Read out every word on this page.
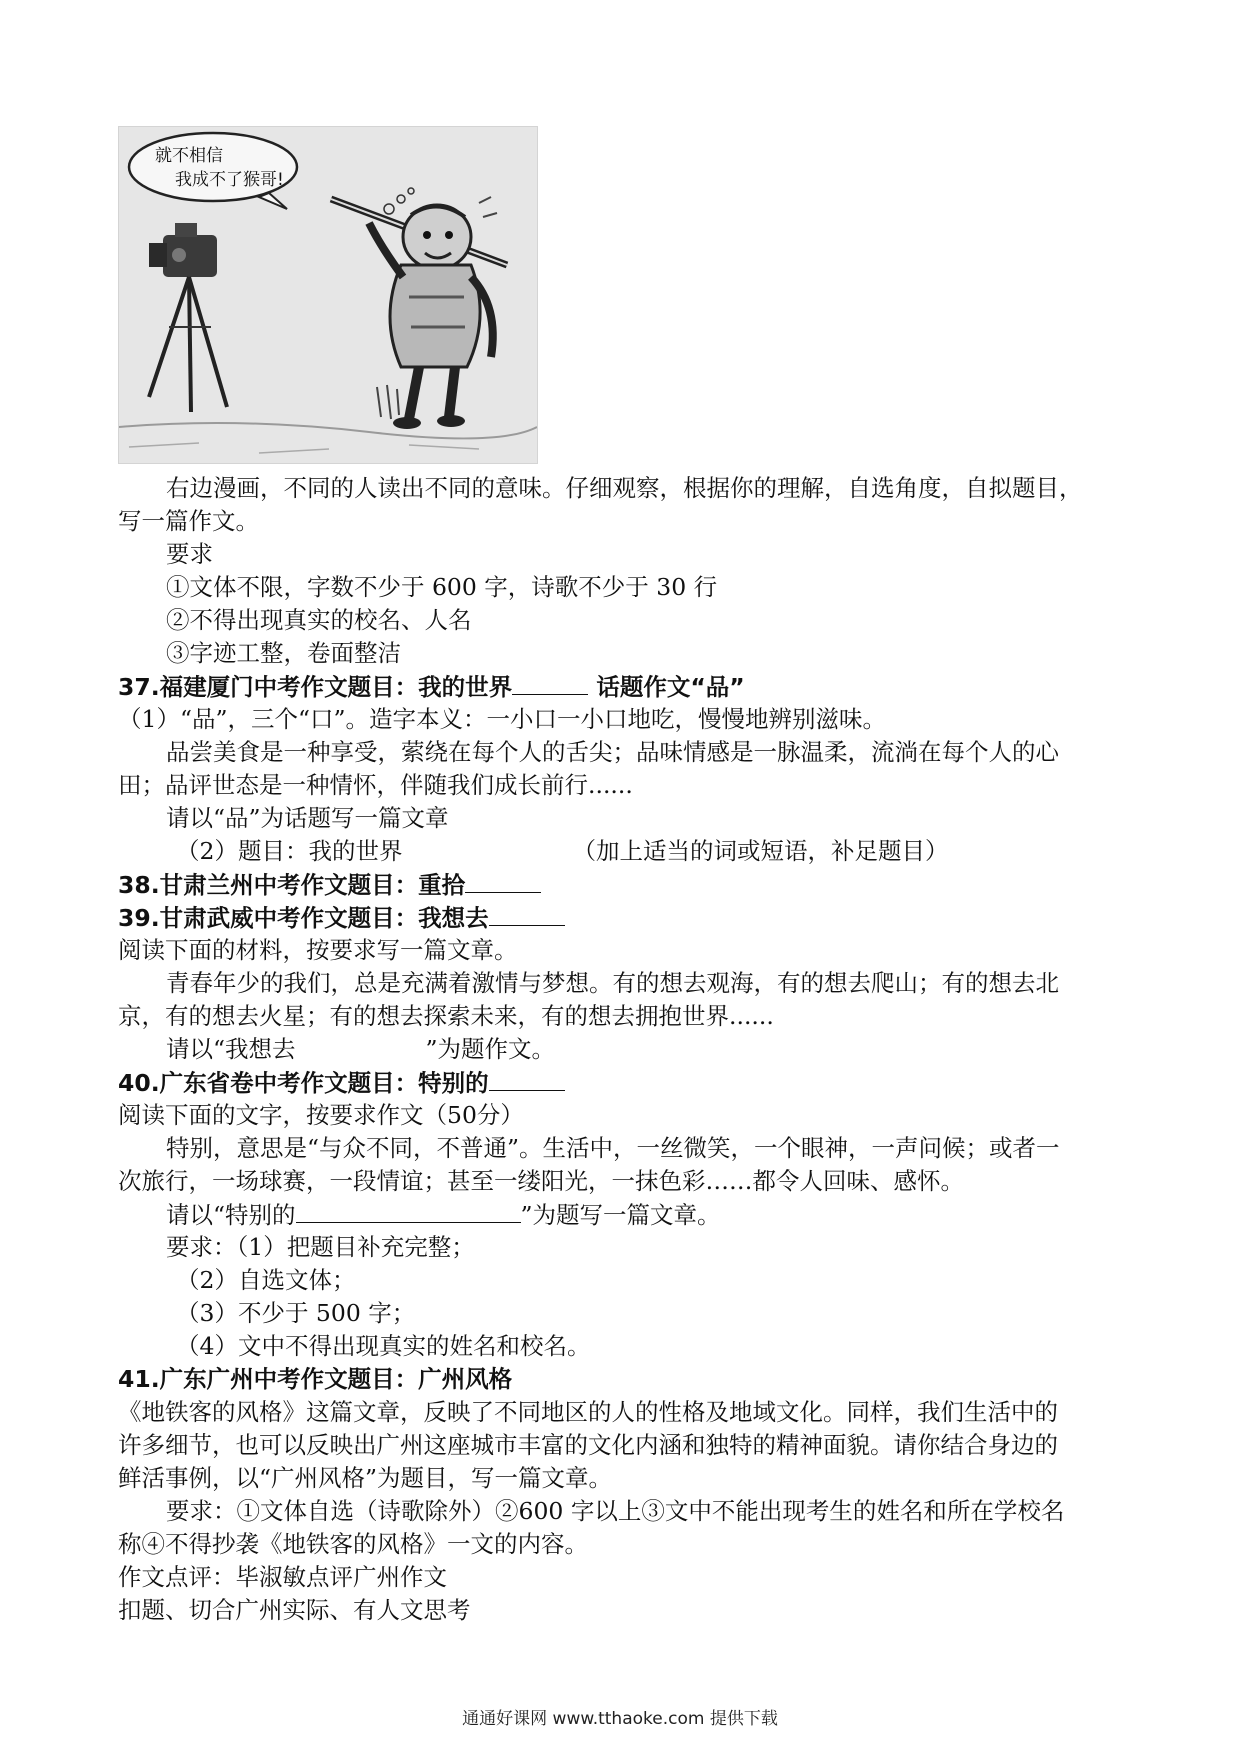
就不相信
我成不了猴哥!
右边漫画，不同的人读出不同的意味。仔细观察，根据你的理解，自选角度，自拟题目，
写一篇作文。
要求
①文体不限，字数不少于 600 字，诗歌不少于 30 行
②不得出现真实的校名、人名
③字迹工整，卷面整洁
37.福建厦门中考作文题目：我的世界	话题作文“品”
（1）“品”，三个“口”。造字本义：一小口一小口地吃，慢慢地辨别滋味。
品尝美食是一种享受，萦绕在每个人的舌尖；品味情感是一脉温柔，流淌在每个人的心
田；品评世态是一种情怀，伴随我们成长前行......
请以“品”为话题写一篇文章
（2）题目：我的世界	（加上适当的词或短语，补足题目）
38.甘肃兰州中考作文题目：重拾
39.甘肃武威中考作文题目：我想去
阅读下面的材料，按要求写一篇文章。
青春年少的我们，总是充满着激情与梦想。有的想去观海，有的想去爬山；有的想去北
京，有的想去火星；有的想去探索未来，有的想去拥抱世界......
请以“我想去	”为题作文。
40.广东省卷中考作文题目：特别的
阅读下面的文字，按要求作文（50分）
特别，意思是“与众不同，不普通”。生活中，一丝微笑，一个眼神，一声问候；或者一
次旅行，一场球赛，一段情谊；甚至一缕阳光，一抹色彩……都令人回味、感怀。
请以“特别的	”为题写一篇文章。
要求：（1）把题目补充完整；
（2）自选文体；
（3）不少于 500 字；
（4）文中不得出现真实的姓名和校名。
41.广东广州中考作文题目：广州风格
《地铁客的风格》这篇文章，反映了不同地区的人的性格及地域文化。同样，我们生活中的
许多细节，也可以反映出广州这座城市丰富的文化内涵和独特的精神面貌。请你结合身边的
鲜活事例，以“广州风格”为题目，写一篇文章。
要求：①文体自选（诗歌除外）②600 字以上③文中不能出现考生的姓名和所在学校名
称④不得抄袭《地铁客的风格》一文的内容。
作文点评：毕淑敏点评广州作文
扣题、切合广州实际、有人文思考
通通好课网 www.tthaoke.com 提供下载
